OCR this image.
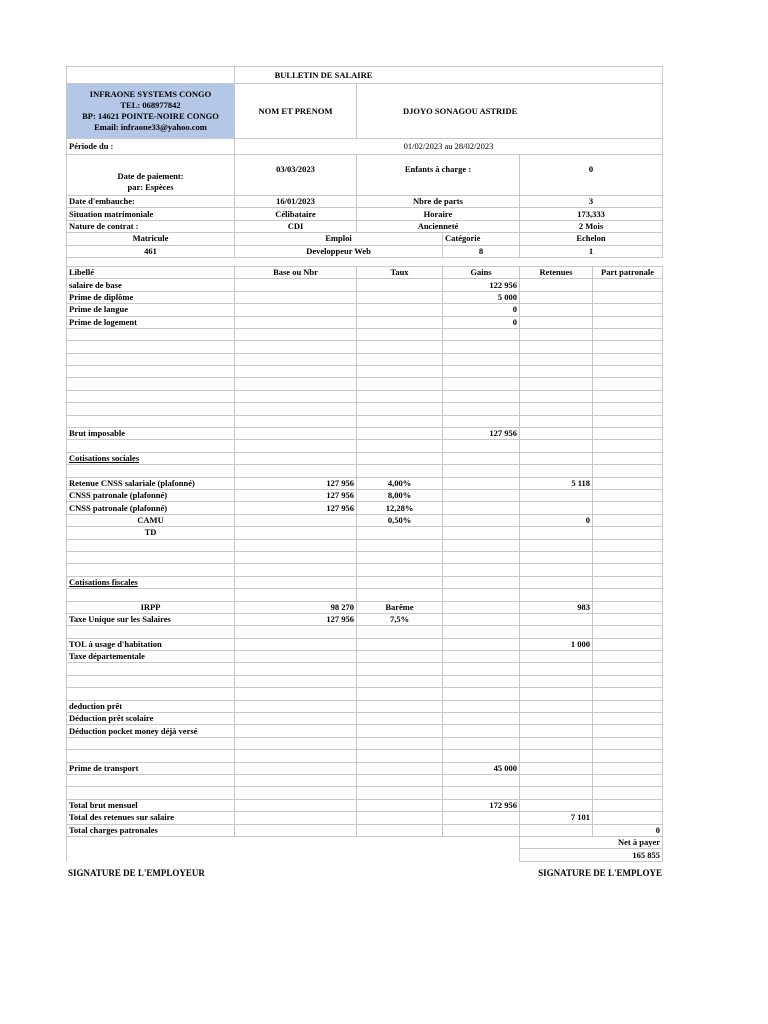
	BULLETIN DE SALAIRE				

INFRAONE SYSTEMS CONGO
TEL: 068977842
BP: 14621 POINTE-NOIRE CONGO
Email: infraone33@yahoo.com	NOM ET PRENOM	DJOYO SONAGOU ASTRIDE			
Période du :	01/02/2023 au 28/02/2023				

Date de paiement:
par: Espèces	03/03/2023	Enfants à charge :		0	
Date d'embauche:	16/01/2023	Nbre de parts		3	
Situation matrimoniale	Célibataire	Horaire		173,333	
Nature de contrat :	CDI	Ancienneté		2 Mois	
Matricule	Emploi		Catégorie	Echelon	
461	Developpeur Web		8	1	

Libellé	Base ou Nbr	Taux	Gains	Retenues	Part patronale
salaire de base			122 956		
Prime de diplôme			5 000		
Prime de langue			0		
Prime de logement			0		

Brut imposable			127 956		

Cotisations sociales					

Retenue CNSS salariale (plafonné)	127 956	4,00%		5 118	
CNSS patronale (plafonné)	127 956	8,00%			
CNSS patronale (plafonné)	127 956	12,28%			
CAMU		0,50%		0	
TD					

Cotisations fiscales					

IRPP	98 270	Barême		983	
Taxe Unique sur les Salaires	127 956	7,5%			

TOL à usage d'habitation				1 000	
Taxe départementale					

deduction prêt					
Déduction prêt scolaire					
Déduction pocket money déjà versé					

Prime de transport			45 000		

Total brut mensuel			172 956		
Total des retenues sur salaire				7 101	
Total charges patronales					0
				Net à payer	
				165 855	
SIGNATURE DE L'EMPLOYEUR	SIGNATURE DE L'EMPLOYE
